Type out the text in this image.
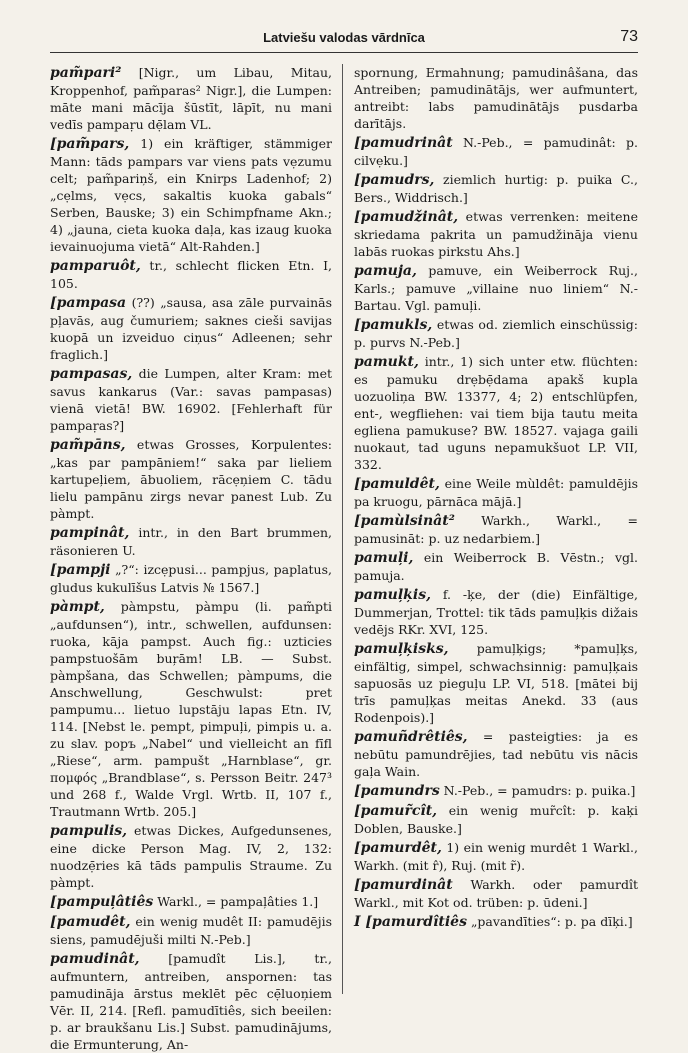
Latviešu valodas vārdnīca	73

pam̃pari² [Nigr., um Libau, Mitau, Kroppenhof, pam̃paras² Nigr.], die Lumpen: māte mani mācīja šūstīt, lāpīt, nu mani vedīs pampaṛu dẹ̄lam VL.

[pam̃pars, 1) ein kräftiger, stämmiger Mann: tāds pampars var viens pats vẹzumu celt; pam̃pariņš, ein Knirps Ladenhof; 2) „cẹlms, vẹcs, sakaltis kuoka gabals“ Serben, Bauske; 3) ein Schimpfname Akn.; 4) „jauna, cieta kuoka daļa, kas izaug kuoka ievainuojuma vietā“ Alt-Rahden.]

pamparuôt, tr., schlecht flicken Etn. I, 105.

[pampasa (??) „sausa, asa zāle purvainās pļavās, aug čumuriem; saknes cieši savijas kuopā un izveiduo ciņus“ Adleenen; sehr fraglich.]

pampasas, die Lumpen, alter Kram: met savus kankarus (Var.: savas pampasas) vienā vietā! BW. 16902. [Fehlerhaft für pampaṛas?]

pam̃pāns, etwas Grosses, Korpulentes: „kas par pampāniem!“ saka par lieliem kartupeļiem, ābuoliem, rācẹņiem C. tādu lielu pampānu zirgs nevar panest Lub. Zu pàmpt.

pampinât, intr., in den Bart brummen, räsonieren U.

[pampji „?“: izcẹpusi... pampjus, paplatus, gludus kukulīšus Latvis № 1567.]

pàmpt, pàmpstu, pàmpu (li. pam̃pti „aufdunsen“), intr., schwellen, aufdunsen: ruoka, kāja pampst. Auch fig.: uzticies pampstuošām buŗām! LB. — Subst. pàmpšana, das Schwellen; pàmpums, die Anschwellung, Geschwulst: pret pampumu... lietuo lupstāju lapas Etn. IV, 114. [Nebst le. pempt, pimpuļi, pimpis u. a. zu slav. popъ „Nabel“ und vielleicht an fīfl „Riese“, arm. pampušt „Harnblase“, gr. πομφός „Brandblase“, s. Persson Beitr. 247³ und 268 f., Walde Vrgl. Wrtb. II, 107 f., Trautmann Wrtb. 205.]

pampulis, etwas Dickes, Aufgedunsenes, eine dicke Person Mag. IV, 2, 132: nuodzẹ̄ries kā tāds pampulis Straume. Zu pàmpt.

[pampuļâtiês Warkl., = pampaļâties 1.]

[pamudêt, ein wenig mudêt II: pamudējis siens, pamudējuši milti N.-Peb.]

pamudinât, [pamudît Lis.], tr., aufmuntern, antreiben, anspornen: tas pamudināja ārstus meklēt pēc cẹ̄luoņiem Vēr. II, 214. [Refl. pamudītiês, sich beeilen: p. ar braukšanu Lis.] Subst. pamudinājums, die Ermunterung, An-

spornung, Ermahnung; pamudinâšana, das Antreiben; pamudinātājs, wer aufmuntert, antreibt: labs pamudinātājs pusdarba darītājs.

[pamudrinât N.-Peb., = pamudinât: p. cilvẹku.]

[pamudrs, ziemlich hurtig: p. puika C., Bers., Widdrisch.]

[pamudžinât, etwas verrenken: meitene skriedama pakrita un pamudžināja vienu labās ruokas pirkstu Ahs.]

pamuja, pamuve, ein Weiberrock Ruj., Karls.; pamuve „villaine nuo liniem“ N.-Bartau. Vgl. pamuļi.

[pamukls, etwas od. ziemlich einschüssig: p. purvs N.-Peb.]

pamukt, intr., 1) sich unter etw. flüchten: es pamuku drẹbẹ̄dama apakš kupla uozuoliņa BW. 13377, 4; 2) entschlüpfen, ent-, wegfliehen: vai tiem bija tautu meita egliena pamukuse? BW. 18527. vajaga gaili nuokaut, tad uguns nepamukšuot LP. VII, 332.

[pamuldêt, eine Weile mùldêt: pamuldējis pa kruogu, pārnāca mājā.]

[pamùlsinât² Warkh., Warkl., = pamusināt: p. uz nedarbiem.]

pamuļi, ein Weiberrock B. Vēstn.; vgl. pamuja.

pamuļķis, f. -ķe, der (die) Einfältige, Dummerjan, Trottel: tik tāds pamuļķis dižais vedējs RKr. XVI, 125.

pamuļķisks, pamuļķigs; *pamuļķs, einfältig, simpel, schwachsinnig: pamuļķais sapuosās uz pieguļu LP. VI, 518. [mātei bij trīs pamuļķas meitas Anekd. 33 (aus Rodenpois).]

pamuñdrêtiês, = pasteigties: ja es nebūtu pamundrējies, tad nebūtu vis nācis gaļa Wain.

[pamundrs N.-Peb., = pamudrs: p. puika.]

[pamur̃cît, ein wenig mur̃cît: p. kaķi Doblen, Bauske.]

[pamurdêt, 1) ein wenig murdêt 1 Warkl., Warkh. (mit r̂), Ruj. (mit r̃).

[pamurdinât Warkh. oder pamurdît Warkl., mit Kot od. trüben: p. ūdeni.]

I [pamurdîtiês „pavandīties“: p. pa dīķi.]
